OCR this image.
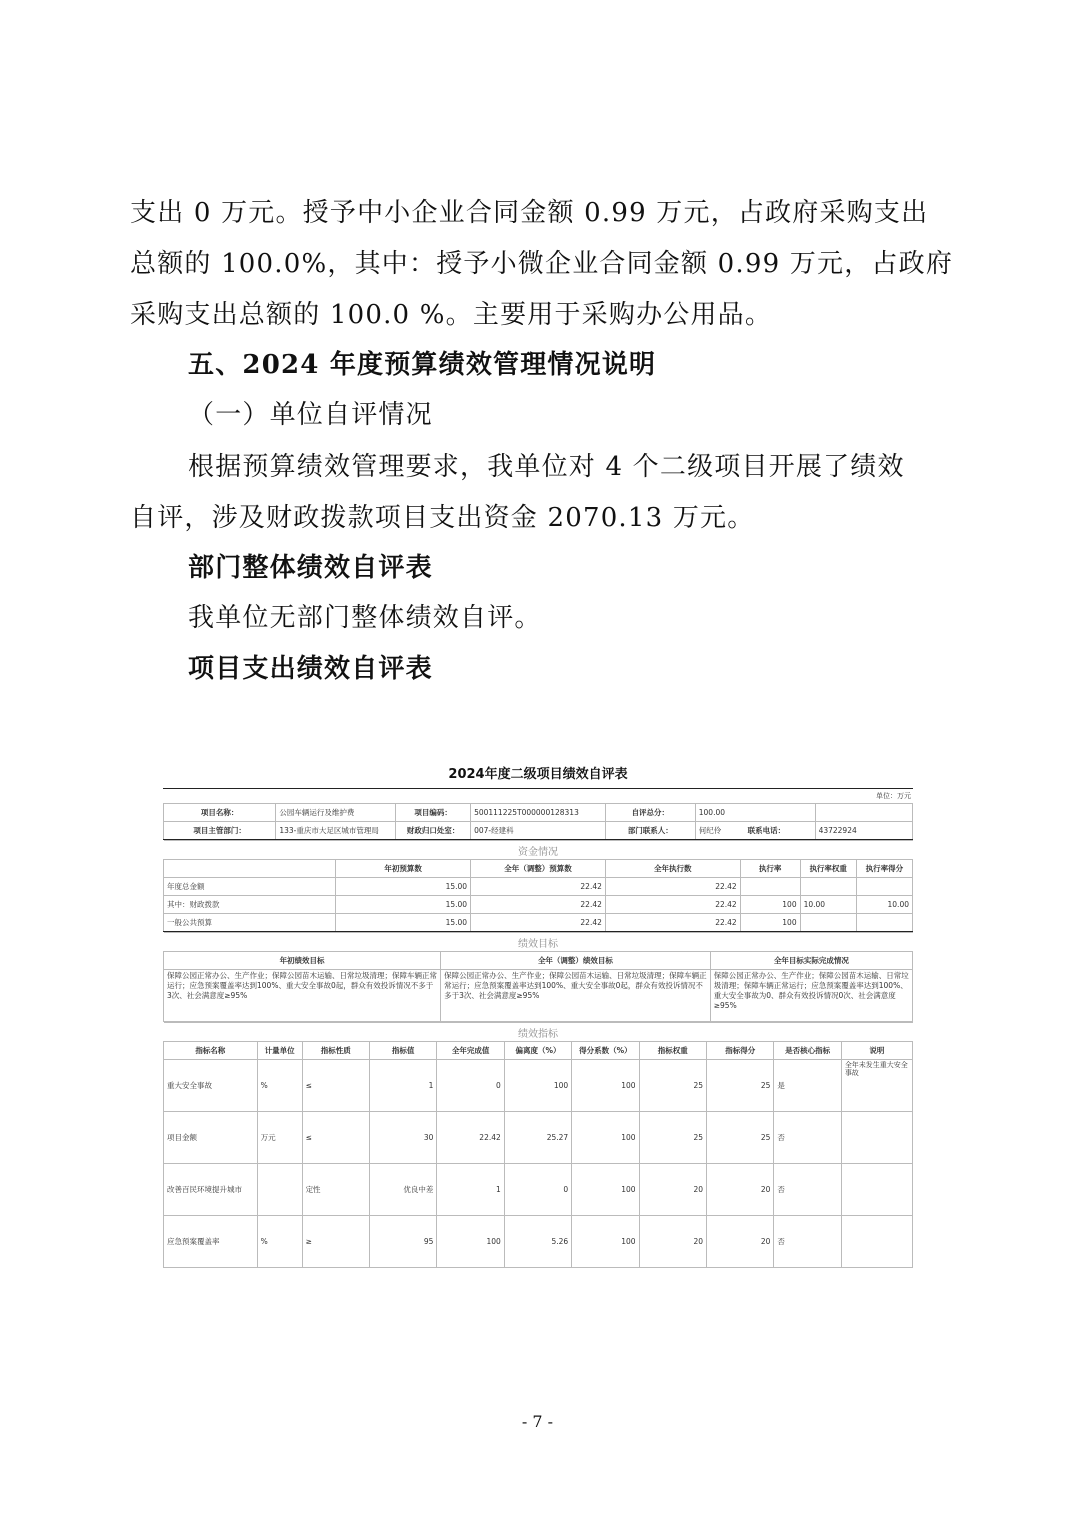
支出 0 万元。授予中小企业合同金额 0.99 万元，占政府采购支出
总额的 100.0%，其中：授予小微企业合同金额 0.99 万元，占政府
采购支出总额的 100.0 %。主要用于采购办公用品。
五、2024 年度预算绩效管理情况说明
（一）单位自评情况
根据预算绩效管理要求，我单位对 4 个二级项目开展了绩效
自评，涉及财政拨款项目支出资金 2070.13 万元。
部门整体绩效自评表
我单位无部门整体绩效自评。
项目支出绩效自评表
2024年度二级项目绩效自评表
单位：万元
项目名称：	公园车辆运行及维护费	项目编码：	500111225T000000128313	自评总分：	100.00	
项目主管部门：	133-重庆市大足区城市管理局	财政归口处室：	007-经建科	部门联系人：	何纪伶 联系电话：	43722924
资金情况						
	年初预算数	全年（调整）预算数	全年执行数	执行率	执行率权重	执行率得分
年度总金额	15.00	22.42	22.42			
其中：财政拨款	15.00	22.42	22.42	100	10.00	10.00
一般公共预算	15.00	22.42	22.42	100		
绩效目标		
年初绩效目标	全年（调整）绩效目标	全年目标实际完成情况
保障公园正常办公、生产作业；保障公园苗木运输、日常垃圾清理；保障车辆正常运行；应急预案覆盖率达到100%、重大安全事故0起，群众有效投诉情况不多于3次、社会满意度≥95%	保障公园正常办公、生产作业；保障公园苗木运输、日常垃圾清理；保障车辆正常运行；应急预案覆盖率达到100%、重大安全事故0起，群众有效投诉情况不多于3次、社会满意度≥95%	保障公园正常办公、生产作业；保障公园苗木运输、日常垃圾清理；保障车辆正常运行；应急预案覆盖率达到100%、重大安全事故为0、群众有效投诉情况0次、社会满意度≥95%
绩效指标										
指标名称	计量单位	指标性质	指标值	全年完成值	偏离度（%）	得分系数（%）	指标权重	指标得分	是否核心指标	说明
重大安全事故	%	≤	1	0	100	100	25	25	是	全年未发生重大安全事故
项目金额	万元	≤	30	22.42	25.27	100	25	25	否	
改善百民环境提升城市		定性	优良中差	1	0	100	20	20	否	
应急预案覆盖率	%	≥	95	100	5.26	100	20	20	否	
- 7 -
